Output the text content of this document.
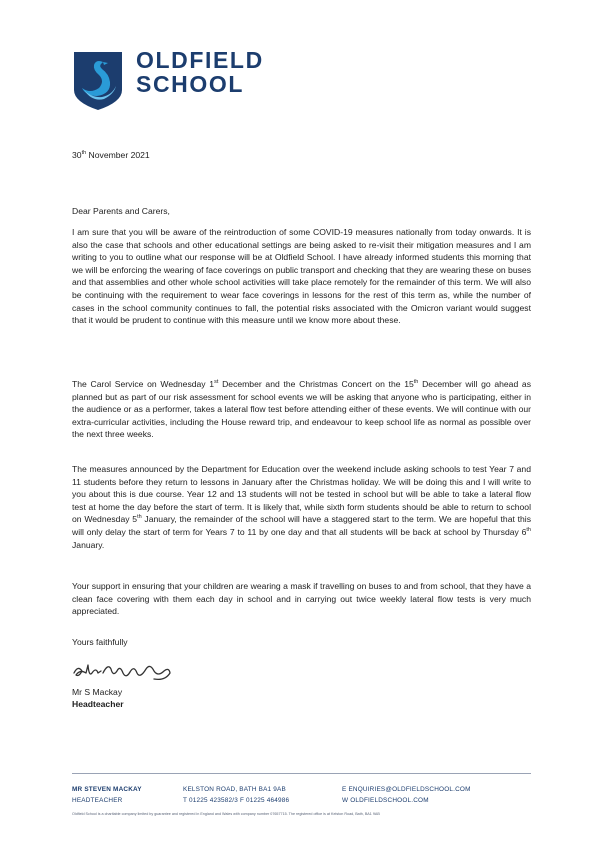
OLDFIELD
SCHOOL
30th November 2021
Dear Parents and Carers,
I am sure that you will be aware of the reintroduction of some COVID-19 measures nationally from today onwards. It is also the case that schools and other educational settings are being asked to re-visit their mitigation measures and I am writing to you to outline what our response will be at Oldfield School. I have already informed students this morning that we will be enforcing the wearing of face coverings on public transport and checking that they are wearing these on buses and that assemblies and other whole school activities will take place remotely for the remainder of this term. We will also be continuing with the requirement to wear face coverings in lessons for the rest of this term as, while the number of cases in the school community continues to fall, the potential risks associated with the Omicron variant would suggest that it would be prudent to continue with this measure until we know more about these.
The Carol Service on Wednesday 1st December and the Christmas Concert on the 15th December will go ahead as planned but as part of our risk assessment for school events we will be asking that anyone who is participating, either in the audience or as a performer, takes a lateral flow test before attending either of these events. We will continue with our extra-curricular activities, including the House reward trip, and endeavour to keep school life as normal as possible over the next three weeks.
The measures announced by the Department for Education over the weekend include asking schools to test Year 7 and 11 students before they return to lessons in January after the Christmas holiday. We will be doing this and I will write to you about this is due course. Year 12 and 13 students will not be tested in school but will be able to take a lateral flow test at home the day before the start of term. It is likely that, while sixth form students should be able to return to school on Wednesday 5th January, the remainder of the school will have a staggered start to the term. We are hopeful that this will only delay the start of term for Years 7 to 11 by one day and that all students will be back at school by Thursday 6th January.
Your support in ensuring that your children are wearing a mask if travelling on buses to and from school, that they have a clean face covering with them each day in school and in carrying out twice weekly lateral flow tests is very much appreciated.
Yours faithfully
Mr S Mackay
Headteacher
MR STEVEN MACKAY
HEADTEACHER
KELSTON ROAD, BATH BA1 9AB
T 01225 423582/3 F 01225 464986
E ENQUIRIES@OLDFIELDSCHOOL.COM
W OLDFIELDSCHOOL.COM
Oldfield School is a charitable company limited by guarantee and registered in England and Wales with company number 07657715. The registered office is at Kelston Road, Bath, BA1 9AB
